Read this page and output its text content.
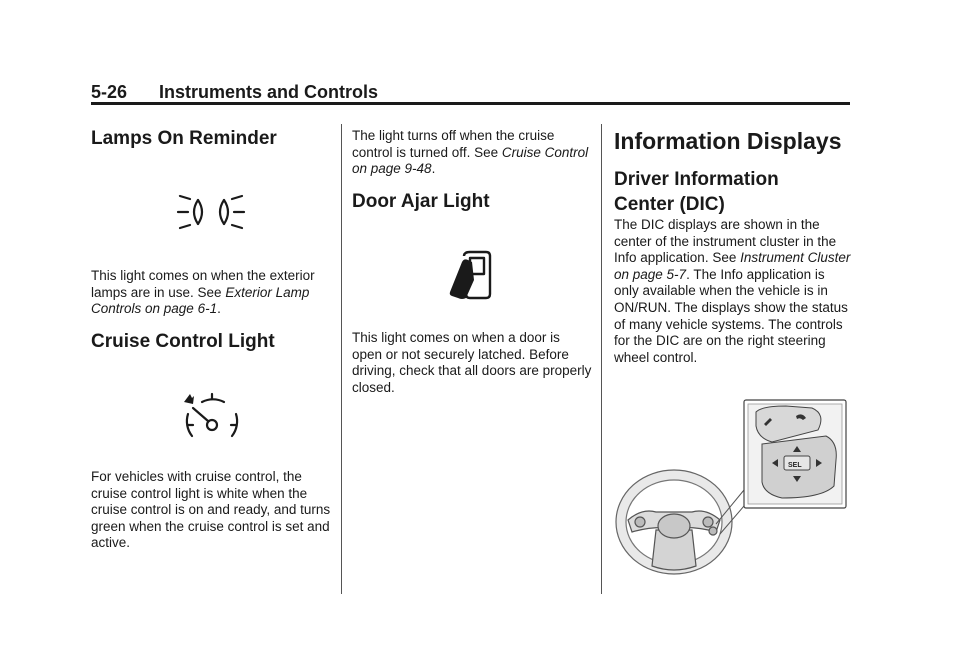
5-26 Instruments and Controls
Lamps On Reminder

This light comes on when the exterior lamps are in use. See Exterior Lamp Controls on page 6-1.

Cruise Control Light

For vehicles with cruise control, the cruise control light is white when the cruise control is on and ready, and turns green when the cruise control is set and active.

The light turns off when the cruise control is turned off. See Cruise Control on page 9-48.

Door Ajar Light

This light comes on when a door is open or not securely latched. Before driving, check that all doors are properly closed.

Information Displays
Driver Information Center (DIC)

The DIC displays are shown in the center of the instrument cluster in the Info application. See Instrument Cluster on page 5-7. The Info application is only available when the vehicle is in ON/RUN. The displays show the status of many vehicle systems. The controls for the DIC are on the right steering wheel control.

SEL
